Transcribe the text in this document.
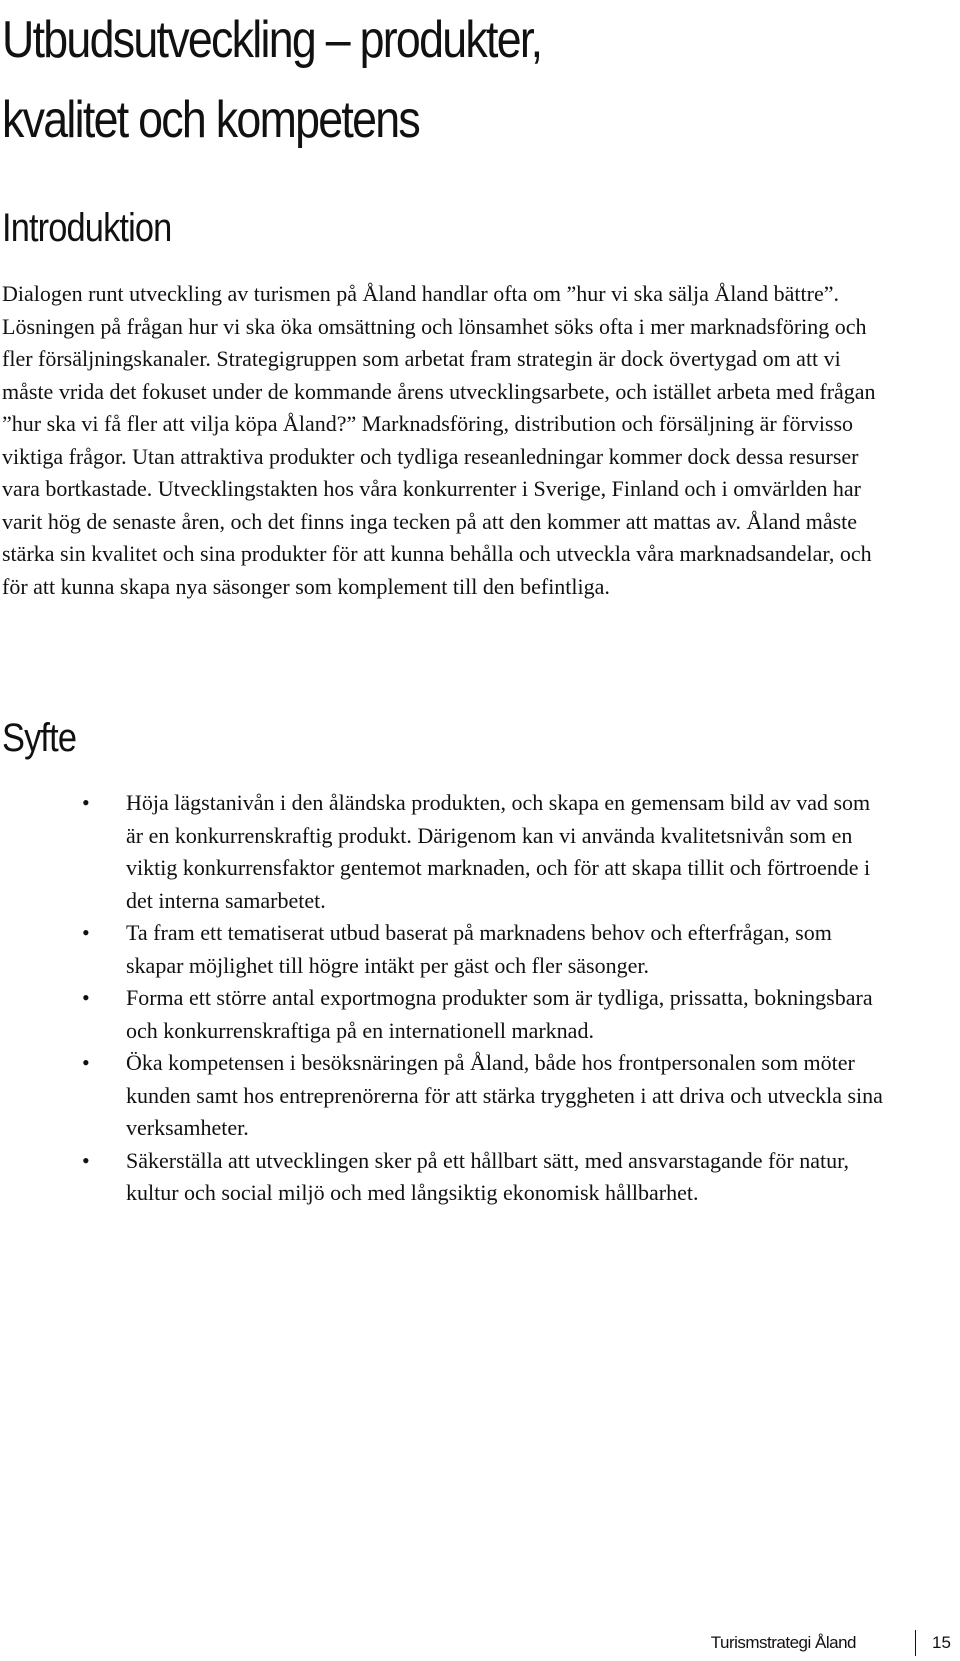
Utbudsutveckling – produkter,
kvalitet och kompetens
Introduktion

Dialogen runt utveckling av turismen på Åland handlar ofta om ”hur vi ska sälja Åland bättre”. Lösningen på frågan hur vi ska öka omsättning och lönsamhet söks ofta i mer marknadsföring och fler försäljningskanaler. Strategigruppen som arbetat fram strategin är dock övertygad om att vi måste vrida det fokuset under de kommande årens utvecklingsarbete, och istället arbeta med frågan ”hur ska vi få fler att vilja köpa Åland?” Marknadsföring, distribution och försäljning är förvisso viktiga frågor. Utan attraktiva produkter och tydliga reseanledningar kommer dock dessa resurser vara bortkastade. Utvecklingstakten hos våra konkurrenter i Sverige, Finland och i omvärlden har varit hög de senaste åren, och det finns inga tecken på att den kommer att mattas av. Åland måste stärka sin kvalitet och sina produkter för att kunna behålla och utveckla våra marknadsandelar, och för att kunna skapa nya säsonger som komplement till den befintliga.

Syfte
• Höja lägstanivån i den åländska produkten, och skapa en gemensam bild av vad som är en konkurrenskraftig produkt. Därigenom kan vi använda kvalitetsnivån som en viktig konkurrensfaktor gentemot marknaden, och för att skapa tillit och förtroende i det interna samarbetet.
• Ta fram ett tematiserat utbud baserat på marknadens behov och efterfrågan, som skapar möjlighet till högre intäkt per gäst och fler säsonger.
• Forma ett större antal exportmogna produkter som är tydliga, prissatta, bokningsbara och konkurrenskraftiga på en internationell marknad.
• Öka kompetensen i besöksnäringen på Åland, både hos frontpersonalen som möter kunden samt hos entreprenörerna för att stärka tryggheten i att driva och utveckla sina verksamheter.
• Säkerställa att utvecklingen sker på ett hållbart sätt, med ansvarstagande för natur, kultur och social miljö och med långsiktig ekonomisk hållbarhet.
Turismstrategi Åland	15
